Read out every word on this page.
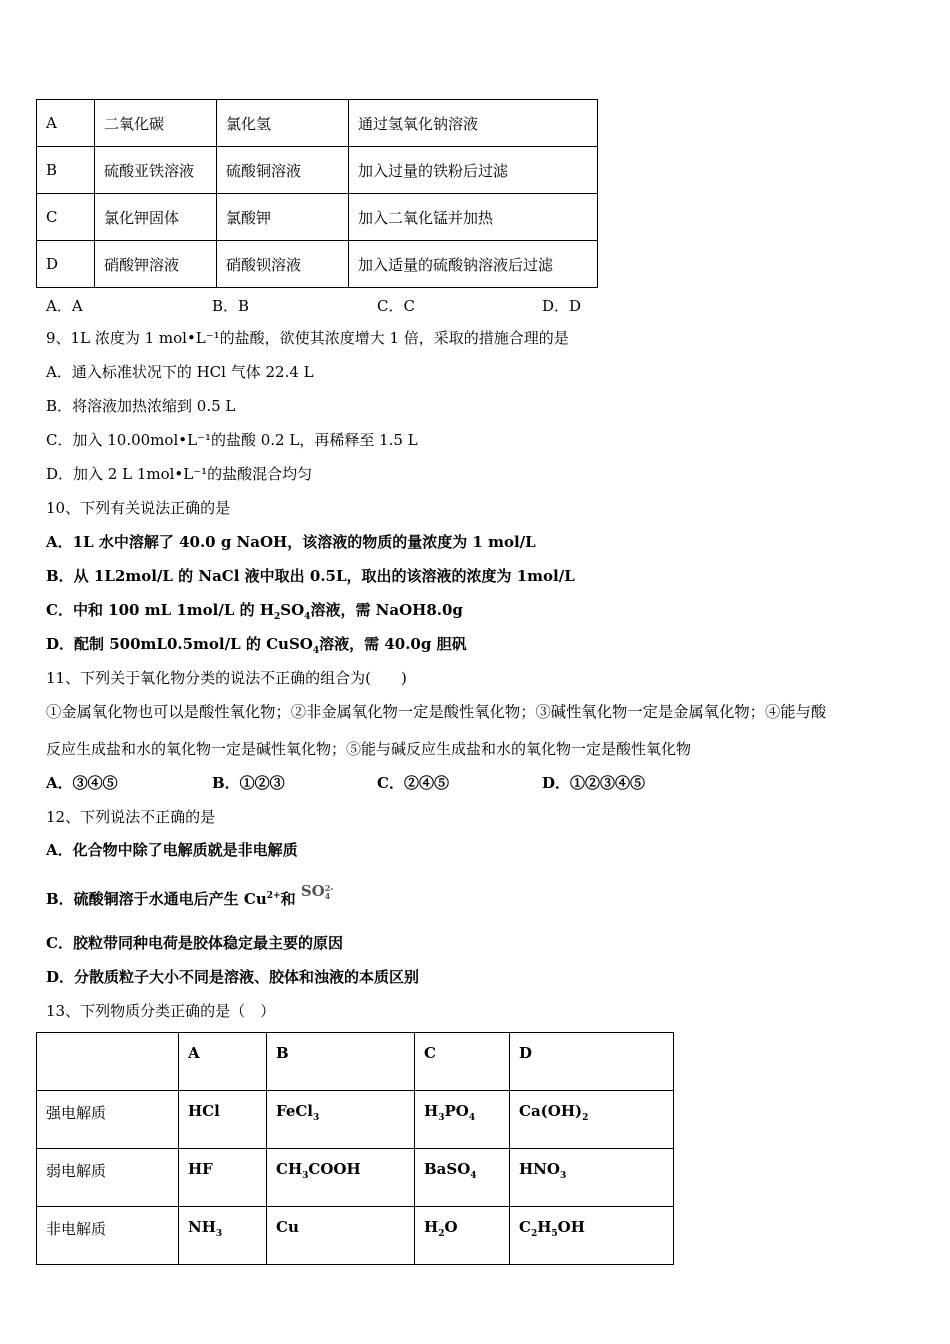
A	二氧化碳	氯化氢	通过氢氧化钠溶液
B	硫酸亚铁溶液	硫酸铜溶液	加入过量的铁粉后过滤
C	氯化钾固体	氯酸钾	加入二氧化锰并加热
D	硝酸钾溶液	硝酸钡溶液	加入适量的硫酸钠溶液后过滤
A．A	B．B	C．C	D．D
9、1L 浓度为 1 mol•L⁻¹的盐酸，欲使其浓度增大 1 倍，采取的措施合理的是
A．通入标准状况下的 HCl 气体 22.4 L
B．将溶液加热浓缩到 0.5 L
C．加入 10.00mol•L⁻¹的盐酸 0.2 L，再稀释至 1.5 L
D．加入 2 L 1mol•L⁻¹的盐酸混合均匀
10、下列有关说法正确的是
A．1L 水中溶解了 40.0 g NaOH，该溶液的物质的量浓度为 1 mol/L
B．从 1L2mol/L 的 NaCl 液中取出 0.5L，取出的该溶液的浓度为 1mol/L
C．中和 100 mL 1mol/L 的 $H_2SO_4$溶液，需 NaOH8.0g
D．配制 500mL0.5mol/L 的 CuSO$_4$溶液，需 40.0g 胆矾
11、下列关于氧化物分类的说法不正确的组合为(　　)
①金属氧化物也可以是酸性氧化物；②非金属氧化物一定是酸性氧化物；③碱性氧化物一定是金属氧化物；④能与酸
反应生成盐和水的氧化物一定是碱性氧化物；⑤能与碱反应生成盐和水的氧化物一定是酸性氧化物
A．③④⑤	B．①②③	C．②④⑤	D．①②③④⑤
12、下列说法不正确的是
A．化合物中除了电解质就是非电解质
B．硫酸铜溶于水通电后产生 $Cu^{2+}$和 SO 2-
4
C．胶粒带同种电荷是胶体稳定最主要的原因
D．分散质粒子大小不同是溶液、胶体和浊液的本质区别
13、下列物质分类正确的是（　）
	A	B	C	D
强电解质	HCl	FeCl$_3$	$H_3PO_4$	$Ca(OH)_2$
弱电解质	HF	$CH_3COOH$	BaSO$_4$	$HNO_3$
非电解质	$NH_3$	Cu	$H_2O$	$C_2H_5OH$
